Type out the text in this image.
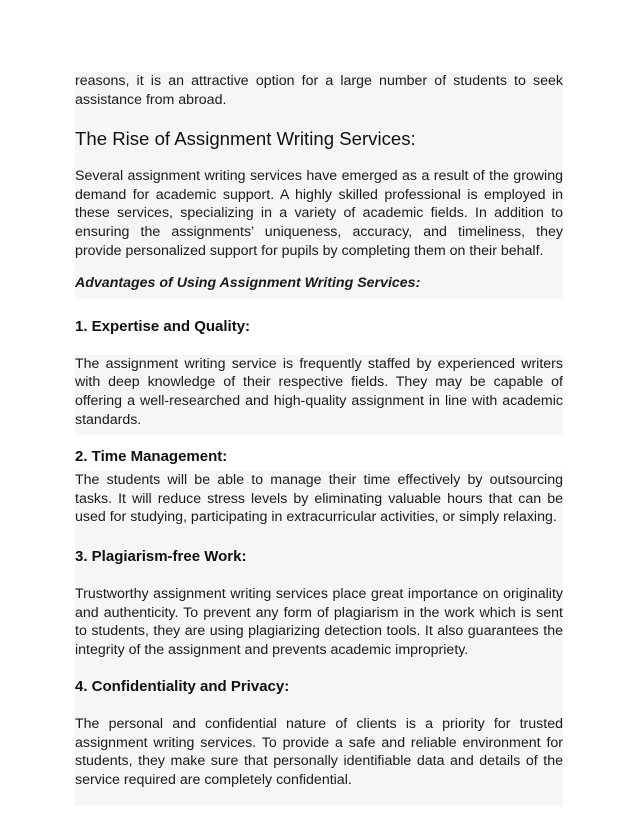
reasons, it is an attractive option for a large number of students to seek assistance from abroad.

The Rise of Assignment Writing Services:

Several assignment writing services have emerged as a result of the growing demand for academic support. A highly skilled professional is employed in these services, specializing in a variety of academic fields. In addition to ensuring the assignments’ uniqueness, accuracy, and timeliness, they provide personalized support for pupils by completing them on their behalf.

Advantages of Using Assignment Writing Services:
1. Expertise and Quality:

The assignment writing service is frequently staffed by experienced writers with deep knowledge of their respective fields. They may be capable of offering a well-researched and high-quality assignment in line with academic standards.

2. Time Management:

The students will be able to manage their time effectively by outsourcing tasks. It will reduce stress levels by eliminating valuable hours that can be used for studying, participating in extracurricular activities, or simply relaxing.

3. Plagiarism-free Work:

Trustworthy assignment writing services place great importance on originality and authenticity. To prevent any form of plagiarism in the work which is sent to students, they are using plagiarizing detection tools. It also guarantees the integrity of the assignment and prevents academic impropriety.

4. Confidentiality and Privacy:

The personal and confidential nature of clients is a priority for trusted assignment writing services. To provide a safe and reliable environment for students, they make sure that personally identifiable data and details of the service required are completely confidential.
